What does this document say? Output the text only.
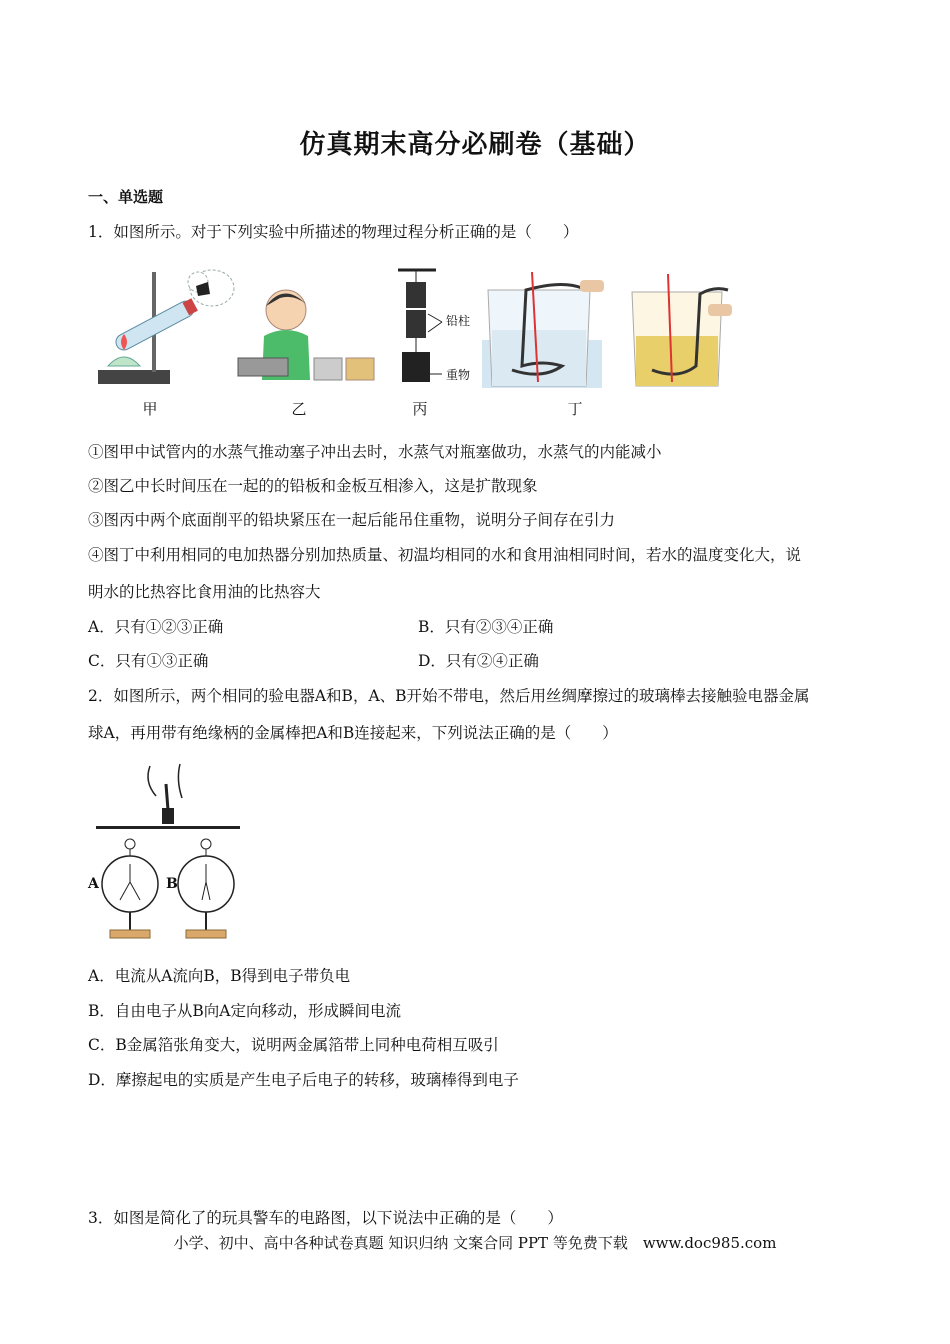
仿真期末高分必刷卷（基础）
一、单选题
1．如图所示。对于下列实验中所描述的物理过程分析正确的是（　　）
甲	乙
铅柱
重物
丙	丁
①图甲中试管内的水蒸气推动塞子冲出去时，水蒸气对瓶塞做功，水蒸气的内能减小
②图乙中长时间压在一起的的铅板和金板互相渗入，这是扩散现象
③图丙中两个底面削平的铅块紧压在一起后能吊住重物，说明分子间存在引力
④图丁中利用相同的电加热器分别加热质量、初温均相同的水和食用油相同时间，若水的温度变化大，说
明水的比热容比食用油的比热容大
A．只有①②③正确	B．只有②③④正确
C．只有①③正确	D．只有②④正确
2．如图所示，两个相同的验电器A和B，A、B开始不带电，然后用丝绸摩擦过的玻璃棒去接触验电器金属
球A，再用带有绝缘柄的金属棒把A和B连接起来，下列说法正确的是（　　）
A	B
A．电流从A流向B，B得到电子带负电
B．自由电子从B向A定向移动，形成瞬间电流
C．B金属箔张角变大，说明两金属箔带上同种电荷相互吸引
D．摩擦起电的实质是产生电子后电子的转移，玻璃棒得到电子
3．如图是简化了的玩具警车的电路图，以下说法中正确的是（　　）
小学、初中、高中各种试卷真题 知识归纳 文案合同 PPT 等免费下载　www.doc985.com
